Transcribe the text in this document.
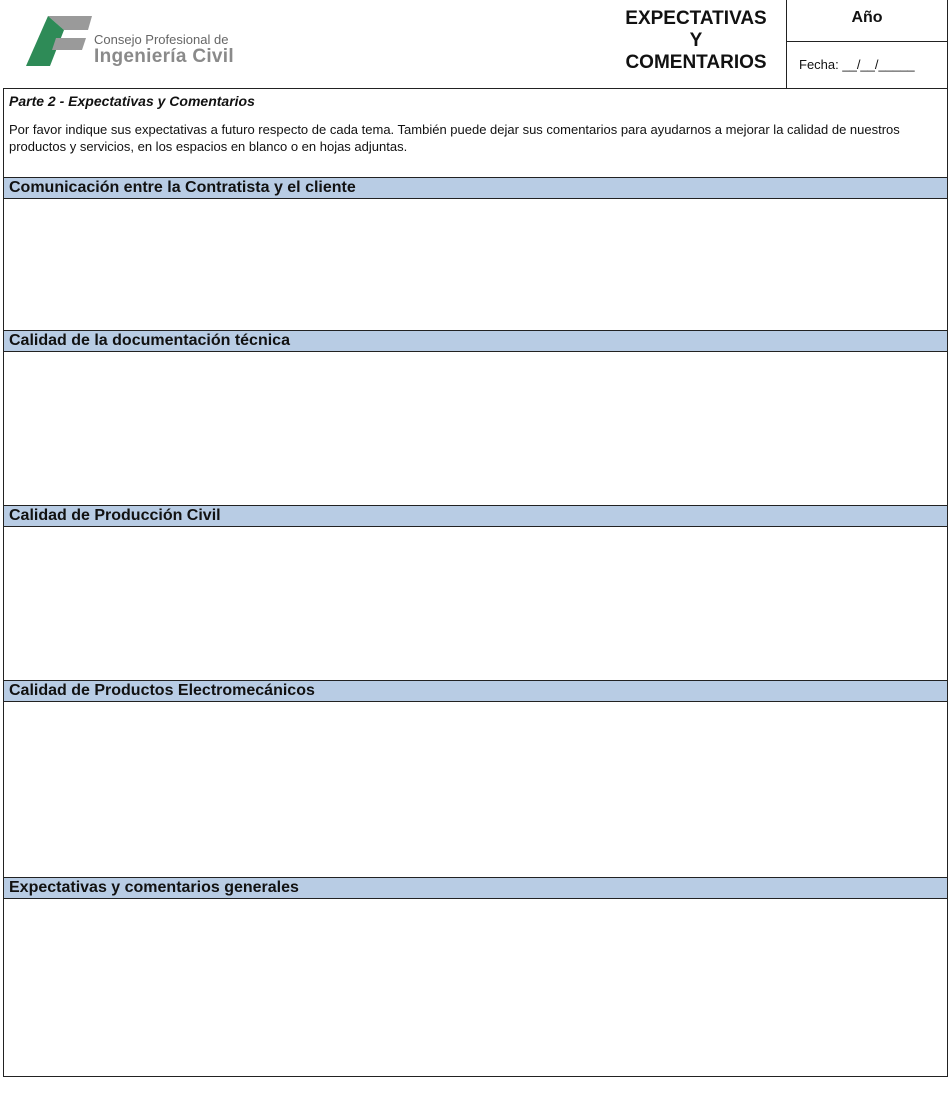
Consejo Profesional de
Ingeniería Civil
EXPECTATIVAS
Y
COMENTARIOS
Año
Fecha: __/__/_____
Parte 2 - Expectativas y Comentarios
Por favor indique sus expectativas a futuro respecto de cada tema. También puede dejar sus comentarios para ayudarnos a mejorar la calidad de nuestros productos y servicios, en los espacios en blanco o en hojas adjuntas.
Comunicación entre la Contratista y el cliente
Calidad de la documentación técnica
Calidad de Producción Civil
Calidad de Productos Electromecánicos
Expectativas y comentarios generales
